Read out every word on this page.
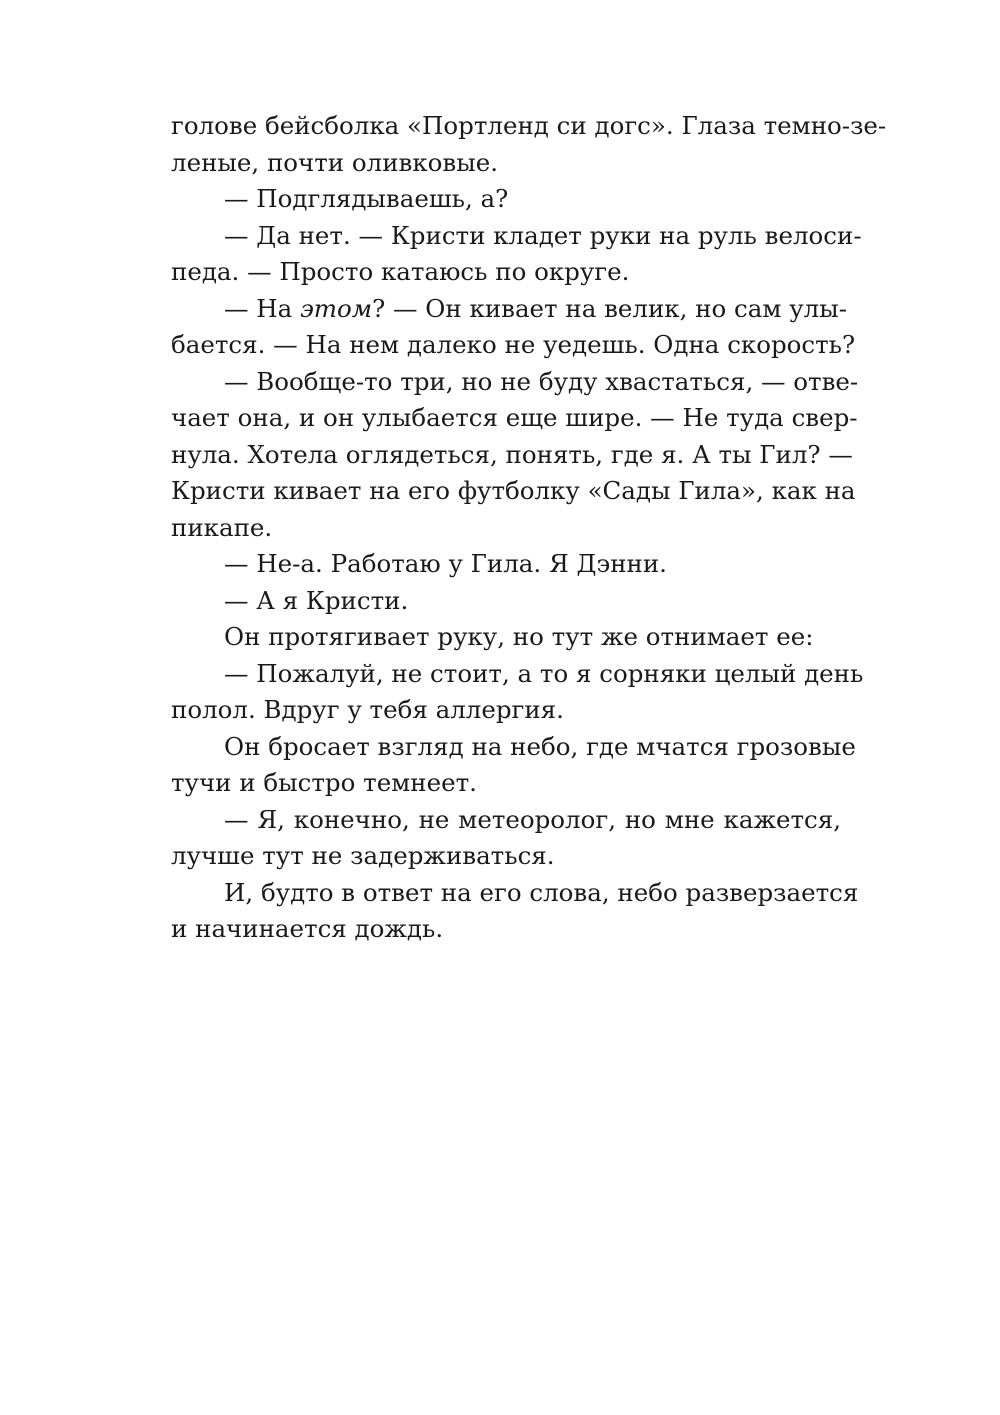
голове бейсболка «Портленд си догс». Глаза темно-зе-
леные, почти оливковые.
— Подглядываешь, а?
— Да нет. — Кристи кладет руки на руль велоси-
педа. — Просто катаюсь по округе.
— На этом? — Он кивает на велик, но сам улы-
бается. — На нем далеко не уедешь. Одна скорость?
— Вообще-то три, но не буду хвастаться, — отве-
чает она, и он улыбается еще шире. — Не туда свер-
нула. Хотела оглядеться, понять, где я. А ты Гил? —
Кристи кивает на его футболку «Сады Гила», как на
пикапе.
— Не-а. Работаю у Гила. Я Дэнни.
— А я Кристи.
Он протягивает руку, но тут же отнимает ее:
— Пожалуй, не стоит, а то я сорняки целый день
полол. Вдруг у тебя аллергия.
Он бросает взгляд на небо, где мчатся грозовые
тучи и быстро темнеет.
— Я, конечно, не метеоролог, но мне кажется,
лучше тут не задерживаться.
И, будто в ответ на его слова, небо разверзается
и начинается дождь.
